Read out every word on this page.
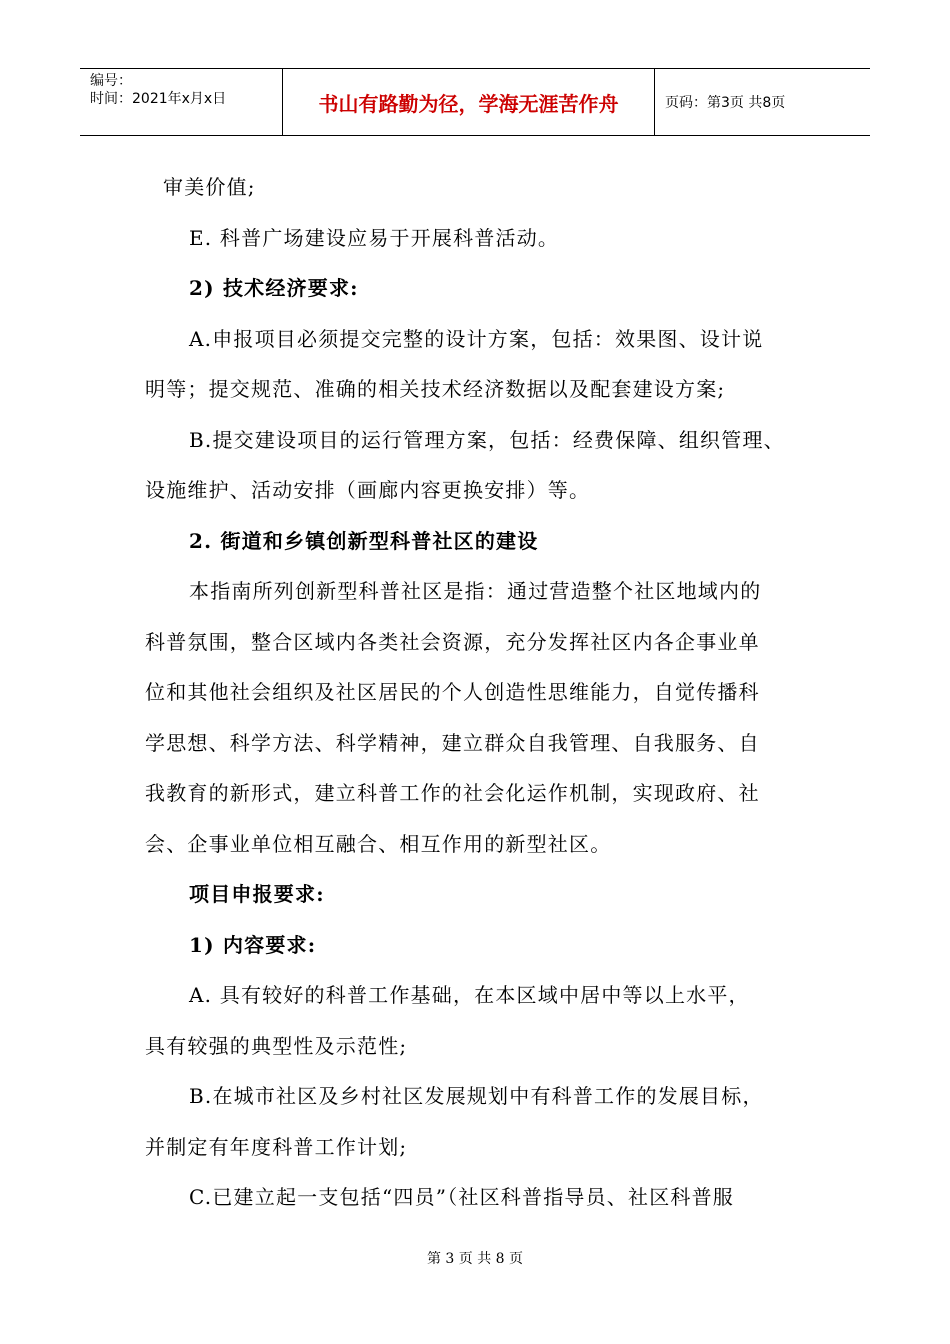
编号：
时间：2021年x月x日	书山有路勤为径，学海无涯苦作舟	页码：第3页 共8页
审美价值;
E. 科普广场建设应易于开展科普活动。
2) 技术经济要求:
A.申报项目必须提交完整的设计方案，包括：效果图、设计说
明等；提交规范、准确的相关技术经济数据以及配套建设方案;
B.提交建设项目的运行管理方案，包括：经费保障、组织管理、
设施维护、活动安排（画廊内容更换安排）等。
2. 街道和乡镇创新型科普社区的建设
本指南所列创新型科普社区是指：通过营造整个社区地域内的
科普氛围，整合区域内各类社会资源，充分发挥社区内各企事业单
位和其他社会组织及社区居民的个人创造性思维能力，自觉传播科
学思想、科学方法、科学精神，建立群众自我管理、自我服务、自
我教育的新形式，建立科普工作的社会化运作机制，实现政府、社
会、企事业单位相互融合、相互作用的新型社区。
项目申报要求:
1) 内容要求:
A. 具有较好的科普工作基础，在本区域中居中等以上水平，
具有较强的典型性及示范性;
B.在城市社区及乡村社区发展规划中有科普工作的发展目标，
并制定有年度科普工作计划;
C.已建立起一支包括“四员”（社区科普指导员、社区科普服
第 3 页 共 8 页
